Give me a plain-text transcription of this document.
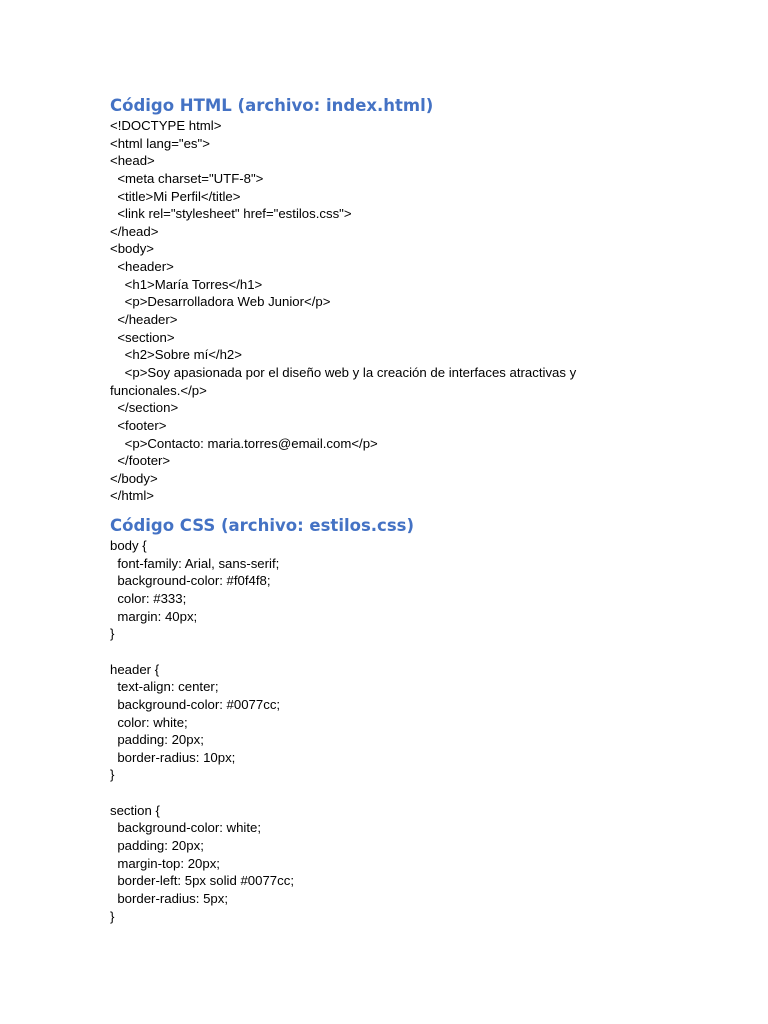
Código HTML (archivo: index.html)
<!DOCTYPE html>
<html lang="es">
<head>
<meta charset="UTF-8">
<title>Mi Perfil</title>
<link rel="stylesheet" href="estilos.css">
</head>
<body>
<header>
<h1>María Torres</h1>
<p>Desarrolladora Web Junior</p>
</header>
<section>
<h2>Sobre mí</h2>
<p>Soy apasionada por el diseño web y la creación de interfaces atractivas y
funcionales.</p>
</section>
<footer>
<p>Contacto: maria.torres@email.com</p>
</footer>
</body>
</html>
Código CSS (archivo: estilos.css)
body {
font-family: Arial, sans-serif;
background-color: #f0f4f8;
color: #333;
margin: 40px;
}
header {
text-align: center;
background-color: #0077cc;
color: white;
padding: 20px;
border-radius: 10px;
}
section {
background-color: white;
padding: 20px;
margin-top: 20px;
border-left: 5px solid #0077cc;
border-radius: 5px;
}
